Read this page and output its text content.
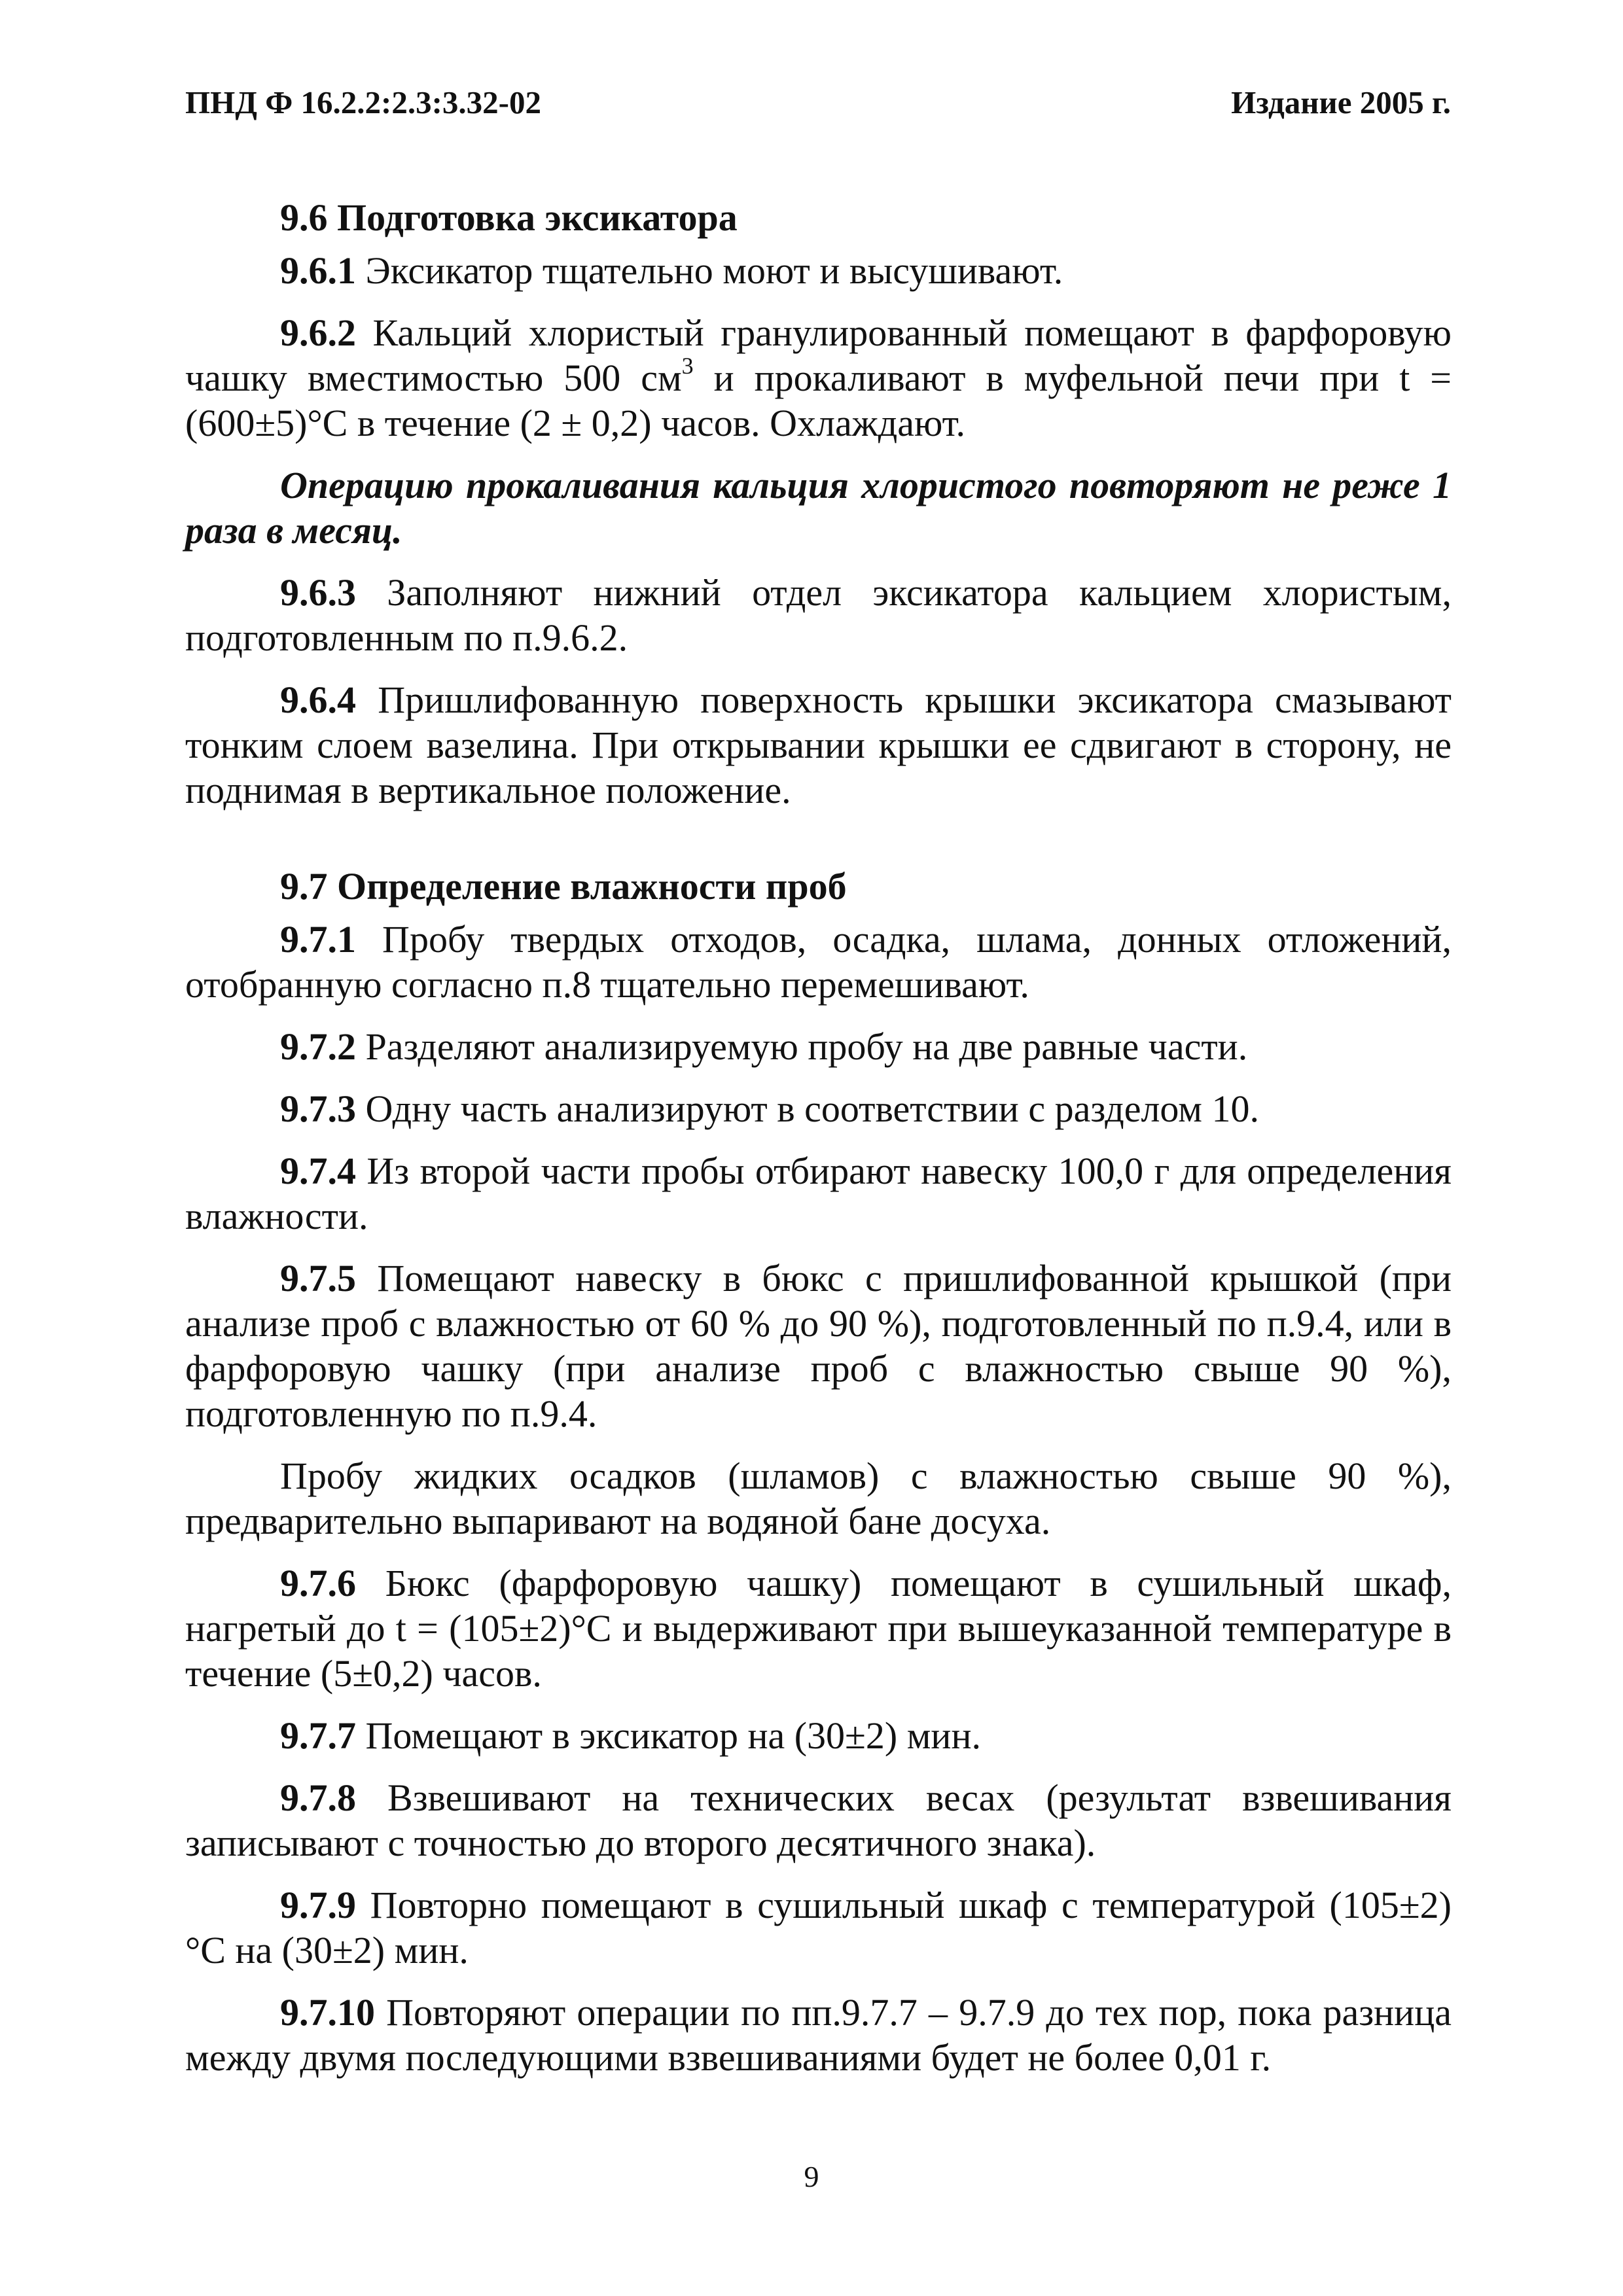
ПНД Ф 16.2.2:2.3:3.32-02	Издание 2005 г.

9.6 Подготовка эксикатора

9.6.1 Эксикатор тщательно моют и высушивают.

9.6.2 Кальций хлористый гранулированный помещают в фарфоровую чашку вместимостью 500 $см^3$ и прокаливают в муфельной печи при t = (600±5)°С в течение (2 ± 0,2) часов. Охлаждают.

Операцию прокаливания кальция хлористого повторяют не реже 1 раза в месяц.

9.6.3 Заполняют нижний отдел эксикатора кальцием хлористым, подготовленным по п.9.6.2.

9.6.4 Пришлифованную поверхность крышки эксикатора смазывают тонким слоем вазелина. При открывании крышки ее сдвигают в сторону, не поднимая в вертикальное положение.

9.7 Определение влажности проб

9.7.1 Пробу твердых отходов, осадка, шлама, донных отложений, отобранную согласно п.8 тщательно перемешивают.

9.7.2 Разделяют анализируемую пробу на две равные части.

9.7.3 Одну часть анализируют в соответствии с разделом 10.

9.7.4 Из второй части пробы отбирают навеску 100,0 г для определения влажности.

9.7.5 Помещают навеску в бюкс с пришлифованной крышкой (при анализе проб с влажностью от 60 % до 90 %), подготовленный по п.9.4, или в фарфоровую чашку (при анализе проб с влажностью свыше 90 %), подготовленную по п.9.4.

Пробу жидких осадков (шламов) с влажностью свыше 90 %), предварительно выпаривают на водяной бане досуха.

9.7.6 Бюкс (фарфоровую чашку) помещают в сушильный шкаф, нагретый до t = (105±2)°С и выдерживают при вышеуказанной температуре в течение (5±0,2) часов.

9.7.7 Помещают в эксикатор на (30±2) мин.

9.7.8 Взвешивают на технических весах (результат взвешивания записывают с точностью до второго десятичного знака).

9.7.9 Повторно помещают в сушильный шкаф с температурой (105±2)°С на (30±2) мин.

9.7.10 Повторяют операции по пп.9.7.7 – 9.7.9 до тех пор, пока разница между двумя последующими взвешиваниями будет не более 0,01 г.

9
